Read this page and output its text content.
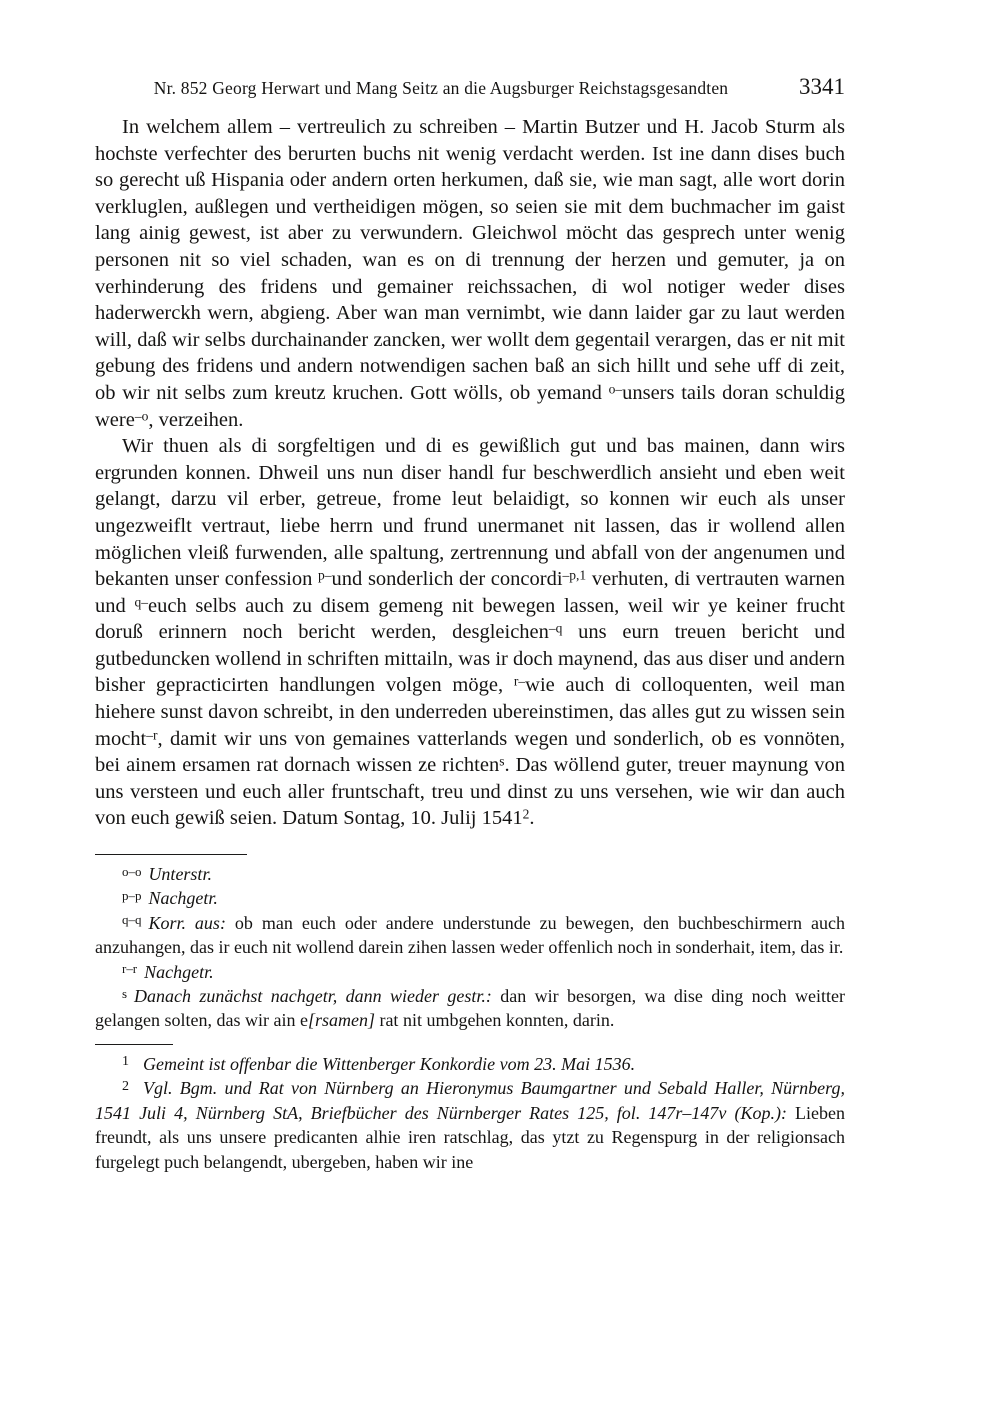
Nr. 852 Georg Herwart und Mang Seitz an die Augsburger Reichstagsgesandten	3341

In welchem allem – vertreulich zu schreiben – Martin Butzer und H. Jacob Sturm als hochste verfechter des berurten buchs nit wenig verdacht werden. Ist ine dann dises buch so gerecht uß Hispania oder andern orten herkumen, daß sie, wie man sagt, alle wort dorin verkluglen, außlegen und vertheidigen mögen, so seien sie mit dem buchmacher im gaist lang ainig gewest, ist aber zu verwundern. Gleichwol möcht das gesprech unter wenig personen nit so viel schaden, wan es on di trennung der herzen und gemuter, ja on verhinderung des fridens und gemainer reichssachen, di wol notiger weder dises haderwerckh wern, abgieng. Aber wan man vernimbt, wie dann laider gar zu laut werden will, daß wir selbs durchainander zancken, wer wollt dem gegentail verargen, das er nit mit gebung des fridens und andern notwendigen sachen baß an sich hillt und sehe uff di zeit, ob wir nit selbs zum kreutz kruchen. Gott wölls, ob yemand $^{o-}$unsers tails doran schuldig were$^{-o}$, verzeihen.

Wir thuen als di sorgfeltigen und di es gewißlich gut und bas mainen, dann wirs ergrunden konnen. Dhweil uns nun diser handl fur beschwerdlich ansieht und eben weit gelangt, darzu vil erber, getreue, frome leut belaidigt, so konnen wir euch als unser ungezweiflt vertraut, liebe herrn und frund unermanet nit lassen, das ir wollend allen möglichen vleiß furwenden, alle spaltung, zertrennung und abfall von der angenumen und bekanten unser confession $^{p-}$und sonderlich der concordi$^{-p,1}$ verhuten, di vertrauten warnen und $^{q-}$euch selbs auch zu disem gemeng nit bewegen lassen, weil wir ye keiner frucht doruß erinnern noch bericht werden, desgleichen$^{-q}$ uns eurn treuen bericht und gutbeduncken wollend in schriften mittailn, was ir doch maynend, das aus diser und andern bisher gepracticirten handlungen volgen möge, $^{r-}$wie auch di colloquenten, weil man hiehere sunst davon schreibt, in den underreden ubereinstimen, das alles gut zu wissen sein mocht$^{-r}$, damit wir uns von gemaines vatterlands wegen und sonderlich, ob es vonnöten, bei ainem ersamen rat dornach wissen ze richten$^s$. Das wöllend guter, treuer maynung von uns versteen und euch aller fruntschaft, treu und dinst zu uns versehen, wie wir dan auch von euch gewiß seien. Datum Sontag, 10. Julij 1541$^2$.

$^{o-o}$ Unterstr.
$^{p-p}$ Nachgetr.
$^{q-q}$ Korr. aus: ob man euch oder andere understunde zu bewegen, den buchbeschirmern auch anzuhangen, das ir euch nit wollend darein zihen lassen weder offenlich noch in sonderhait, item, das ir.
$^{r-r}$ Nachgetr.
$^s$ Danach zunächst nachgetr, dann wieder gestr.: dan wir besorgen, wa dise ding noch weitter gelangen solten, das wir ain e[rsamen] rat nit umbgehen konnten, darin.
$^1$ Gemeint ist offenbar die Wittenberger Konkordie vom 23. Mai 1536.
$^2$ Vgl. Bgm. und Rat von Nürnberg an Hieronymus Baumgartner und Sebald Haller, Nürnberg, 1541 Juli 4, Nürnberg StA, Briefbücher des Nürnberger Rates 125, fol. 147r–147v (Kop.): Lieben freundt, als uns unsere predicanten alhie iren ratschlag, das ytzt zu Regenspurg in der religionsach furgelegt puch belangendt, ubergeben, haben wir ine
